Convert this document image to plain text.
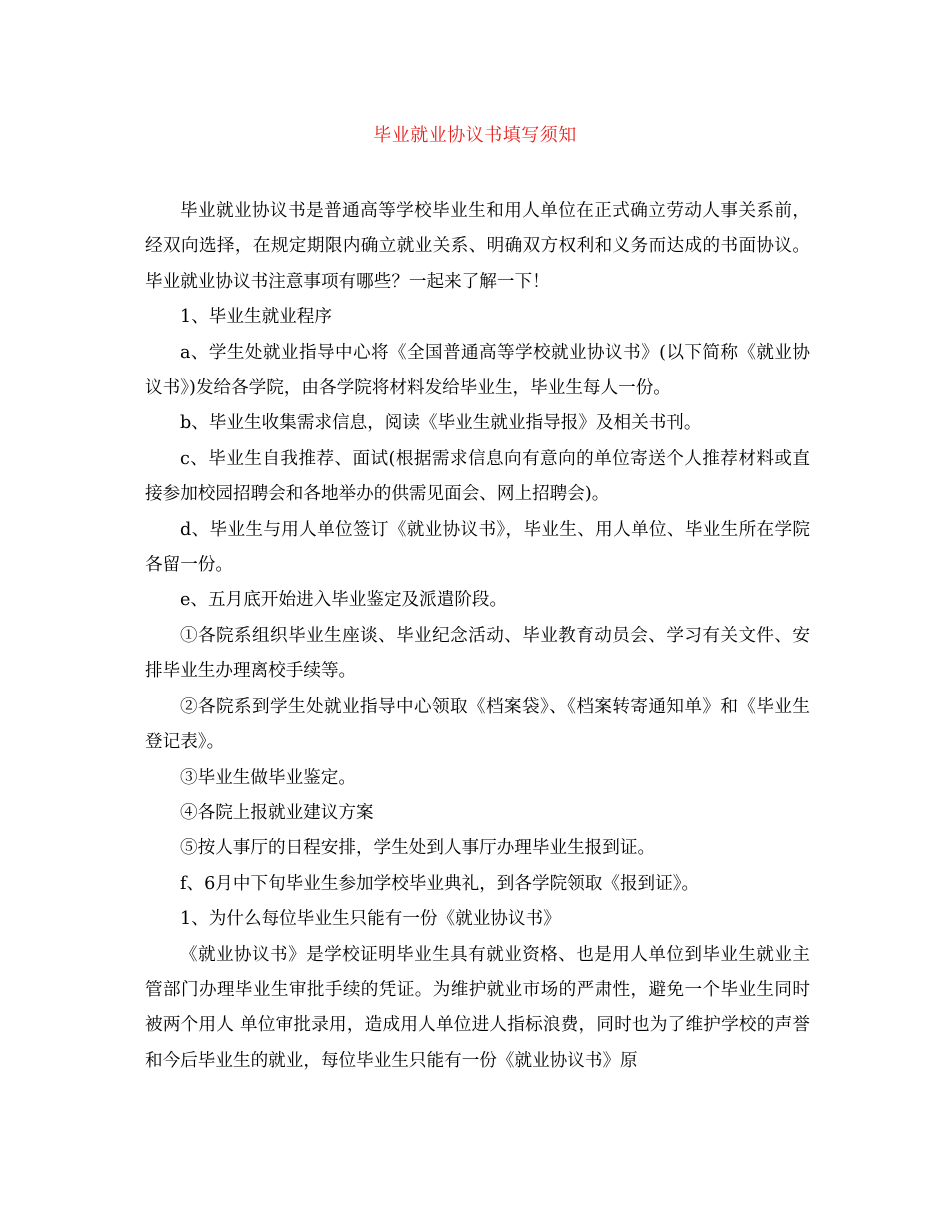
毕业就业协议书填写须知

毕业就业协议书是普通高等学校毕业生和用人单位在正式确立劳动人事关系前，经双向选择，在规定期限内确立就业关系、明确双方权利和义务而达成的书面协议。毕业就业协议书注意事项有哪些？一起来了解一下！

1、毕业生就业程序

a、学生处就业指导中心将《全国普通高等学校就业协议书》(以下简称《就业协议书》)发给各学院，由各学院将材料发给毕业生，毕业生每人一份。

b、毕业生收集需求信息，阅读《毕业生就业指导报》及相关书刊。

c、毕业生自我推荐、面试(根据需求信息向有意向的单位寄送个人推荐材料或直接参加校园招聘会和各地举办的供需见面会、网上招聘会)。

d、毕业生与用人单位签订《就业协议书》，毕业生、用人单位、毕业生所在学院各留一份。

e、五月底开始进入毕业鉴定及派遣阶段。

①各院系组织毕业生座谈、毕业纪念活动、毕业教育动员会、学习有关文件、安排毕业生办理离校手续等。

②各院系到学生处就业指导中心领取《档案袋》、《档案转寄通知单》和《毕业生登记表》。

③毕业生做毕业鉴定。

④各院上报就业建议方案

⑤按人事厅的日程安排，学生处到人事厅办理毕业生报到证。

f、6月中下旬毕业生参加学校毕业典礼，到各学院领取《报到证》。

1、为什么每位毕业生只能有一份《就业协议书》

《就业协议书》是学校证明毕业生具有就业资格、也是用人单位到毕业生就业主管部门办理毕业生审批手续的凭证。为维护就业市场的严肃性，避免一个毕业生同时被两个用人 单位审批录用，造成用人单位进人指标浪费，同时也为了维护学校的声誉和今后毕业生的就业，每位毕业生只能有一份《就业协议书》原
